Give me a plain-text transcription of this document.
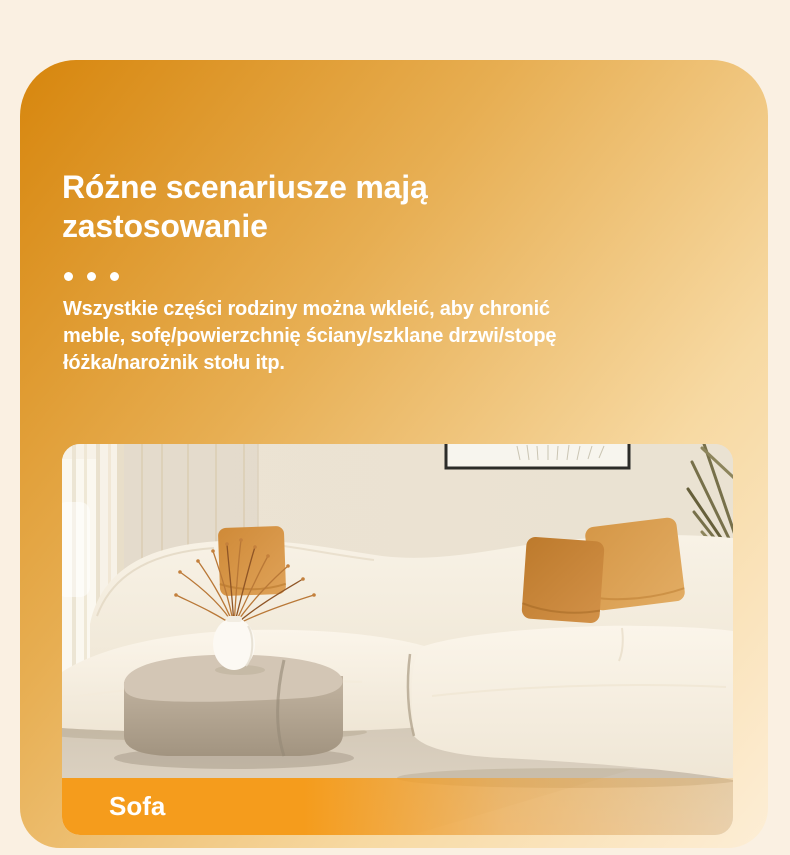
Różne scenariusze mają zastosowanie

Wszystkie części rodziny można wkleić, aby chronić meble, sofę/powierzchnię ściany/szklane drzwi/stopę łóżka/narożnik stołu itp.

Sofa
